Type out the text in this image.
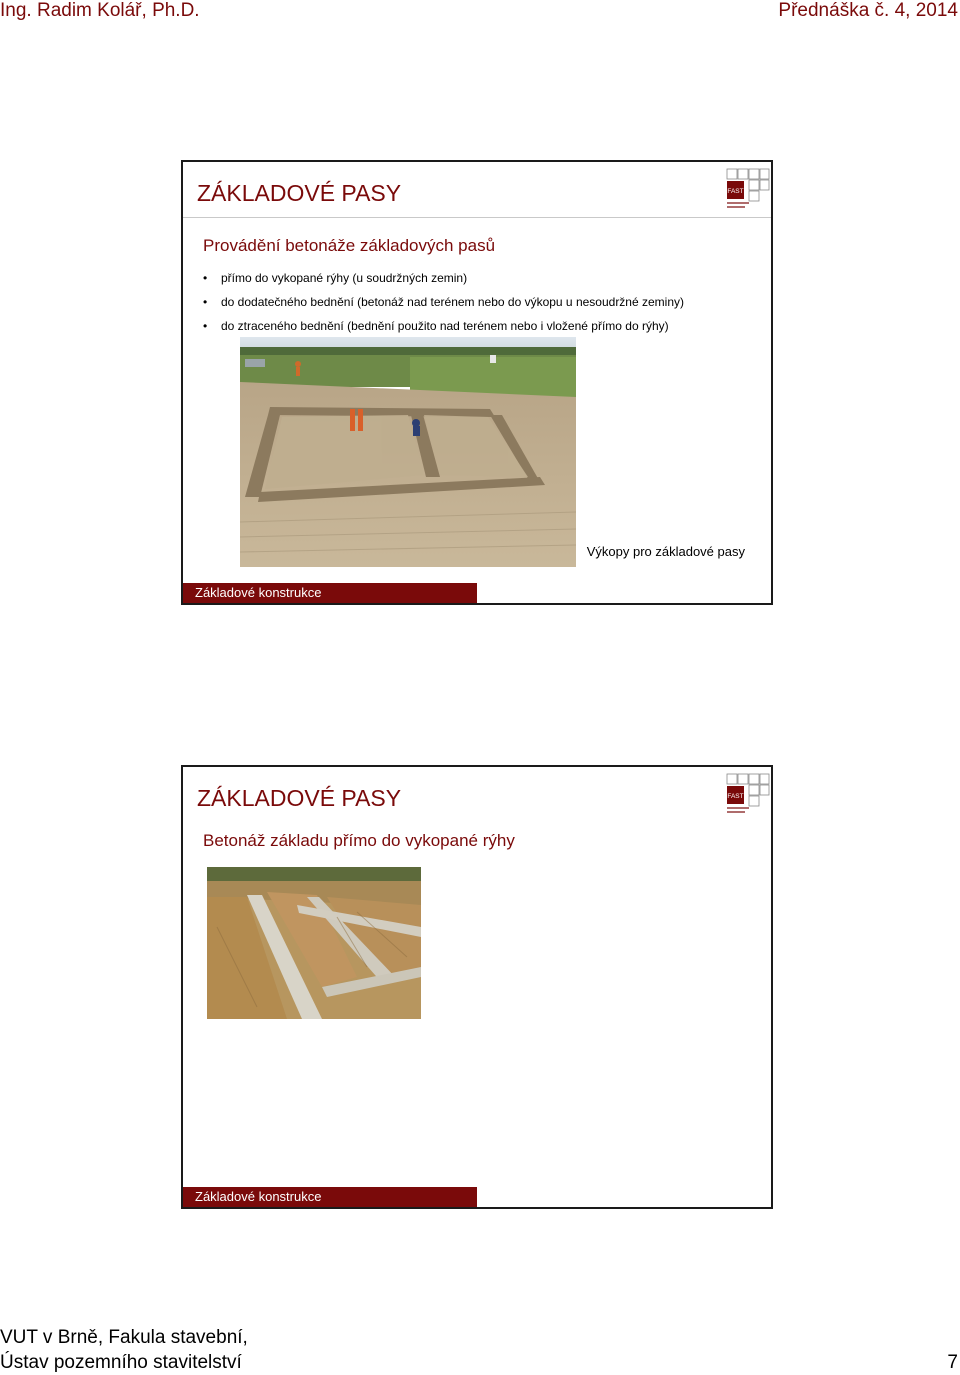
Ing. Radim Kolář, Ph.D.	Přednáška č. 4, 2014
ZÁKLADOVÉ PASY	FAST
Provádění betonáže základových pasů
• přímo do vykopané rýhy (u soudržných zemin)
• do dodatečného bednění (betonáž nad terénem nebo do výkopu u nesoudržné zeminy)
• do ztraceného bednění (bednění použito nad terénem nebo i vložené přímo do rýhy)
Výkopy pro základové pasy
Základové konstrukce
ZÁKLADOVÉ PASY	FAST
Betonáž základu přímo do vykopané rýhy
Základové konstrukce
VUT v Brně, Fakula stavební,
Ústav pozemního stavitelství	7
